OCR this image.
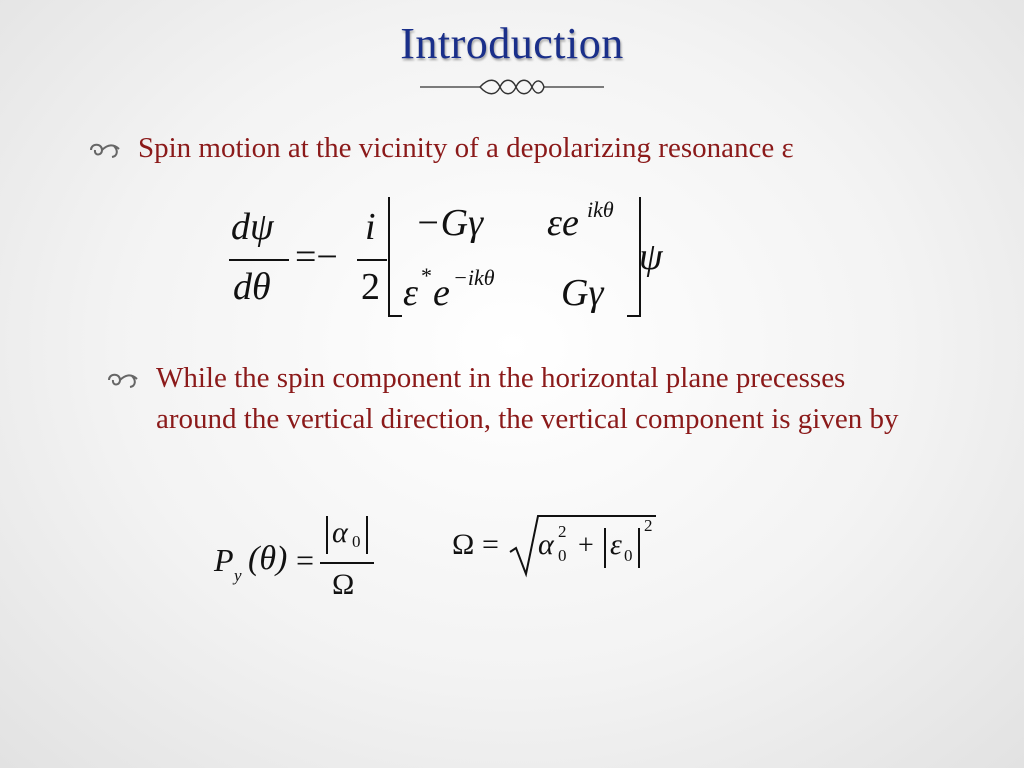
Introduction
Spin motion at the vicinity of a depolarizing resonance ε
dψ
dθ
=−
i
2
−Gγ εe ikθ
ε * e −ikθ Gγ
ψ
While the spin component in the horizontal plane precesses around the vertical direction, the vertical component is given by
P y (θ) =
α 0
Ω
Ω = α 2
0 + ε 0
2
